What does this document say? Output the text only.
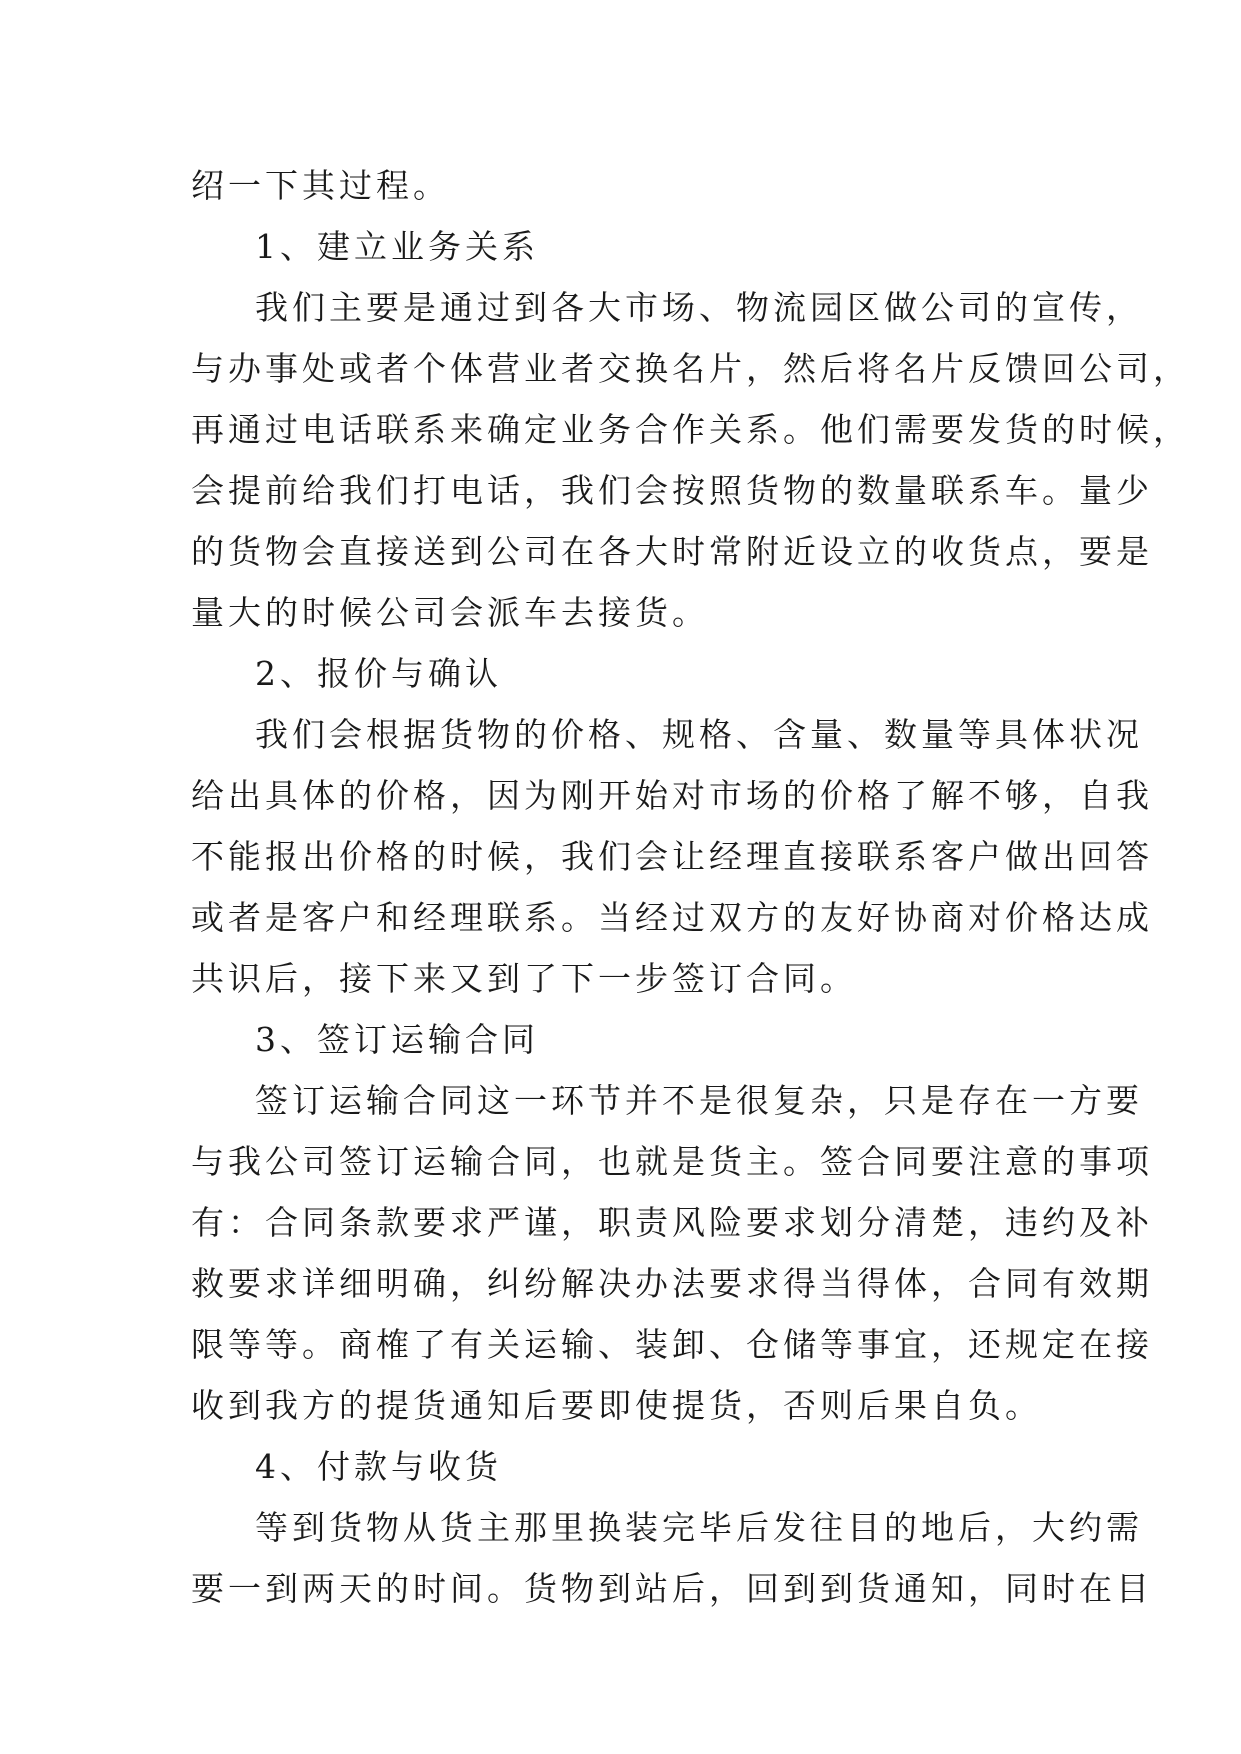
绍一下其过程。
1、建立业务关系
我们主要是通过到各大市场、物流园区做公司的宣传，
与办事处或者个体营业者交换名片，然后将名片反馈回公司，
再通过电话联系来确定业务合作关系。他们需要发货的时候，
会提前给我们打电话，我们会按照货物的数量联系车。量少
的货物会直接送到公司在各大时常附近设立的收货点，要是
量大的时候公司会派车去接货。
2、报价与确认
我们会根据货物的价格、规格、含量、数量等具体状况
给出具体的价格，因为刚开始对市场的价格了解不够，自我
不能报出价格的时候，我们会让经理直接联系客户做出回答
或者是客户和经理联系。当经过双方的友好协商对价格达成
共识后，接下来又到了下一步签订合同。
3、签订运输合同
签订运输合同这一环节并不是很复杂，只是存在一方要
与我公司签订运输合同，也就是货主。签合同要注意的事项
有：合同条款要求严谨，职责风险要求划分清楚，违约及补
救要求详细明确，纠纷解决办法要求得当得体，合同有效期
限等等。商榷了有关运输、装卸、仓储等事宜，还规定在接
收到我方的提货通知后要即使提货，否则后果自负。
4、付款与收货
等到货物从货主那里换装完毕后发往目的地后，大约需
要一到两天的时间。货物到站后，回到到货通知，同时在目
